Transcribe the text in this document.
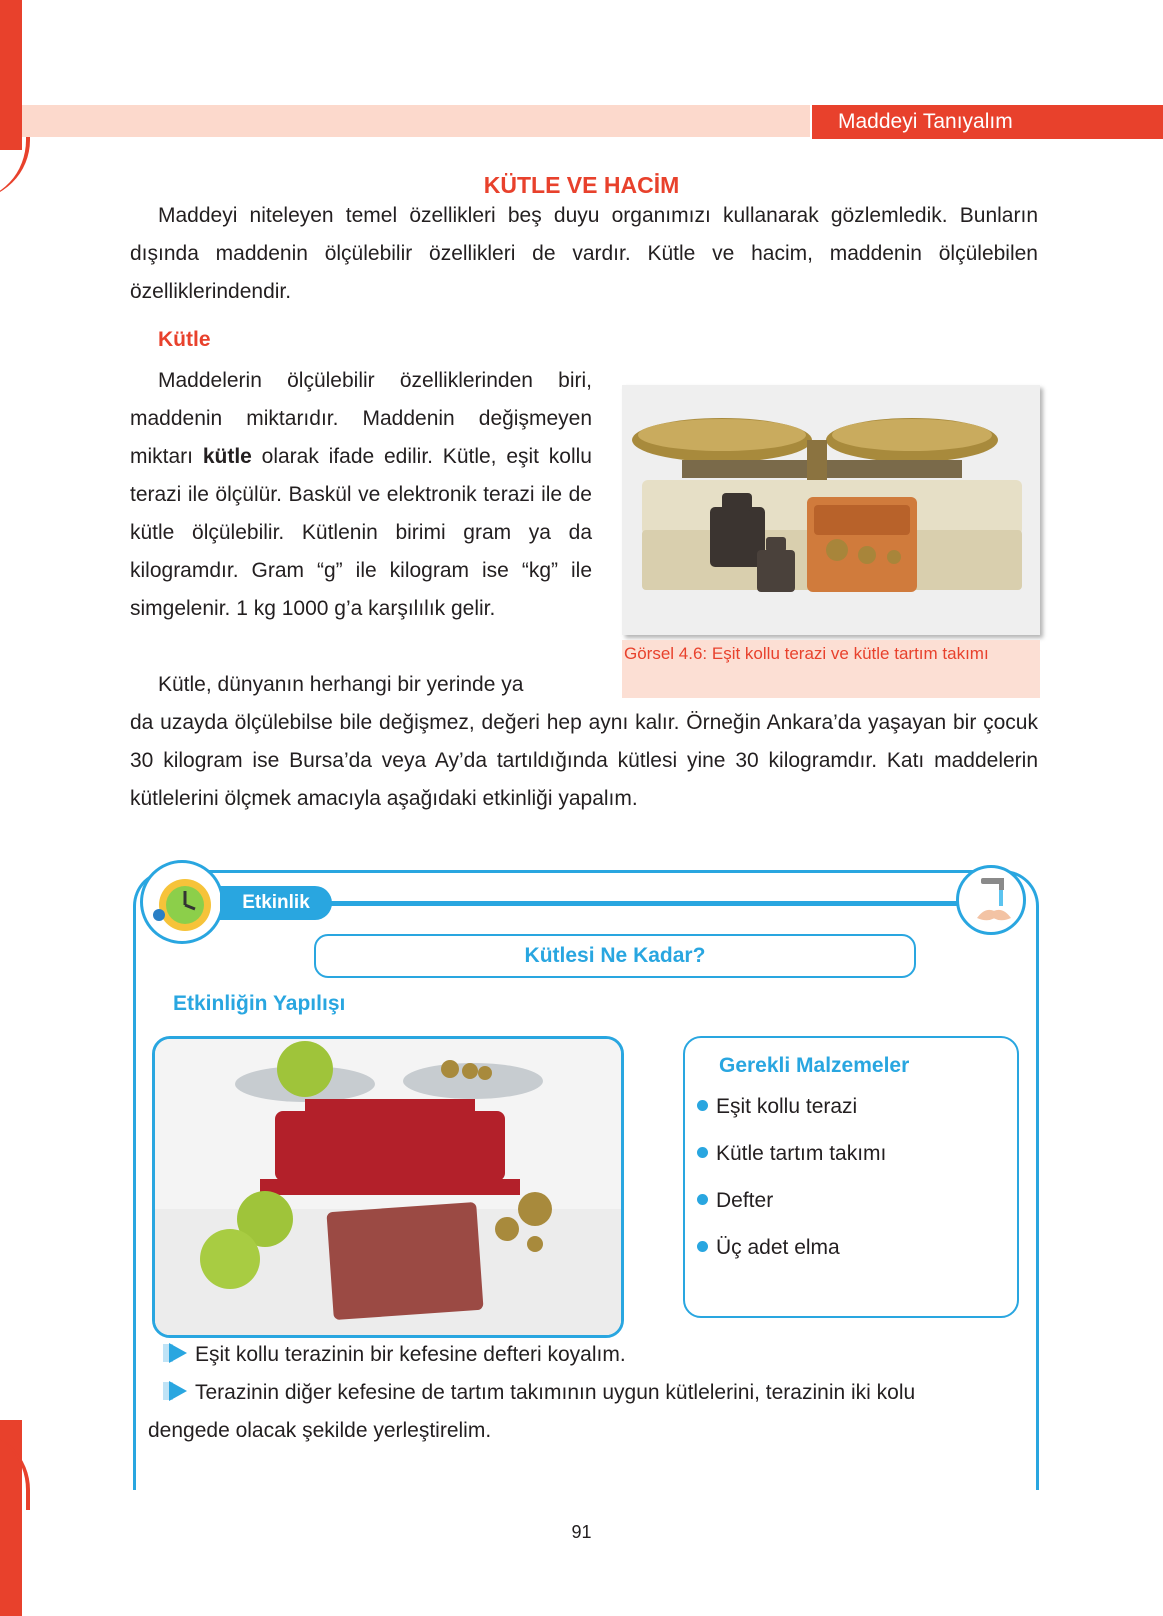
Maddeyi Tanıyalım
KÜTLE VE HACİM

Maddeyi niteleyen temel özellikleri beş duyu organımızı kullanarak gözlemledik. Bunların dışında maddenin ölçülebilir özellikleri de vardır. Kütle ve hacim, maddenin ölçülebilen özelliklerindendir.

Kütle

Maddelerin ölçülebilir özelliklerinden biri, maddenin miktarıdır. Maddenin değişmeyen miktarı kütle olarak ifade edilir. Kütle, eşit kollu terazi ile ölçülür. Baskül ve elektronik terazi ile de kütle ölçülebilir. Kütlenin birimi gram ya da kilogramdır. Gram “g” ile kilogram ise “kg” ile simgelenir. 1 kg 1000 g’a karşılılık gelir.

Kütle, dünyanın herhangi bir yerinde ya

da uzayda ölçülebilse bile değişmez, değeri hep aynı kalır. Örneğin Ankara’da yaşayan bir çocuk 30 kilogram ise Bursa’da veya Ay’da tartıldığında kütlesi yine 30 kilogramdır. Katı maddelerin kütlelerini ölçmek amacıyla aşağıdaki etkinliği yapalım.

Görsel 4.6: Eşit kollu terazi ve kütle tartım takımı
Etkinlik
Kütlesi Ne Kadar?
Etkinliğin Yapılışı
Gerekli Malzemeler
Eşit kollu terazi
Kütle tartım takımı
Defter
Üç adet elma
Eşit kollu terazinin bir kefesine defteri koyalım.
Terazinin diğer kefesine de tartım takımının uygun kütlelerini, terazinin iki kolu
dengede olacak şekilde yerleştirelim.
91
